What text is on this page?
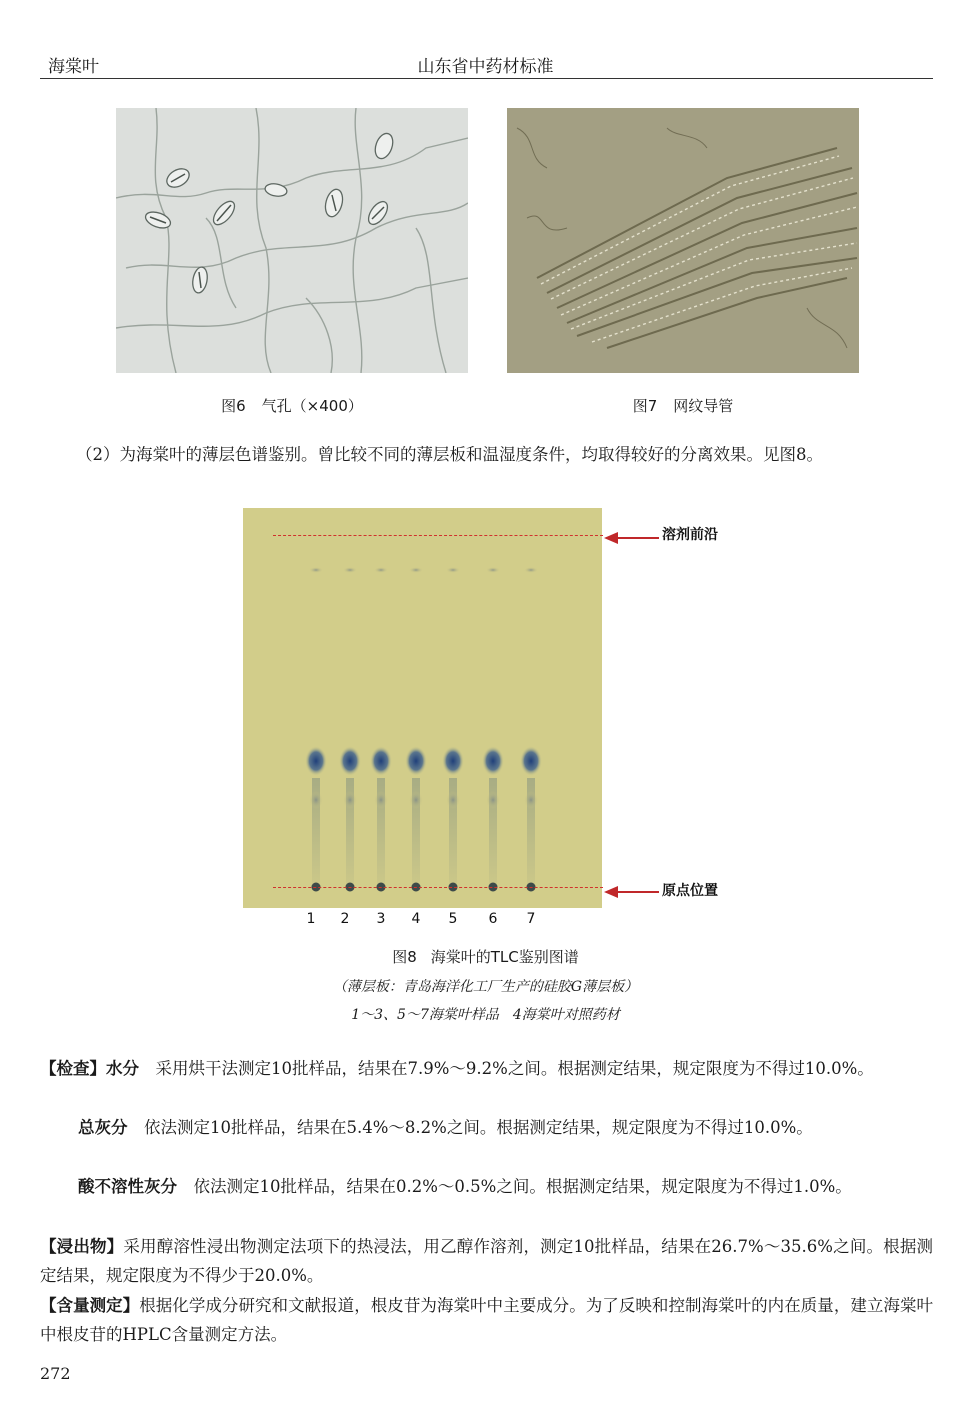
海棠叶	山东省中药材标准
图6 气孔（×400）	图7 网纹导管
（2）为海棠叶的薄层色谱鉴别。曾比较不同的薄层板和温湿度条件，均取得较好的分离效果。见图8。
溶剂前沿
原点位置
1	2	3	4	5	6	7
图8 海棠叶的TLC鉴别图谱
（薄层板：青岛海洋化工厂生产的硅胶G薄层板）
1～3、5～7海棠叶样品　4海棠叶对照药材
【检查】水分　采用烘干法测定10批样品，结果在7.9%～9.2%之间。根据测定结果，规定限度为不得过10.0%。
总灰分　依法测定10批样品，结果在5.4%～8.2%之间。根据测定结果，规定限度为不得过10.0%。
酸不溶性灰分　依法测定10批样品，结果在0.2%～0.5%之间。根据测定结果，规定限度为不得过1.0%。
【浸出物】采用醇溶性浸出物测定法项下的热浸法，用乙醇作溶剂，测定10批样品，结果在26.7%～35.6%之间。根据测定结果，规定限度为不得少于20.0%。
【含量测定】根据化学成分研究和文献报道，根皮苷为海棠叶中主要成分。为了反映和控制海棠叶的内在质量，建立海棠叶中根皮苷的HPLC含量测定方法。
272
